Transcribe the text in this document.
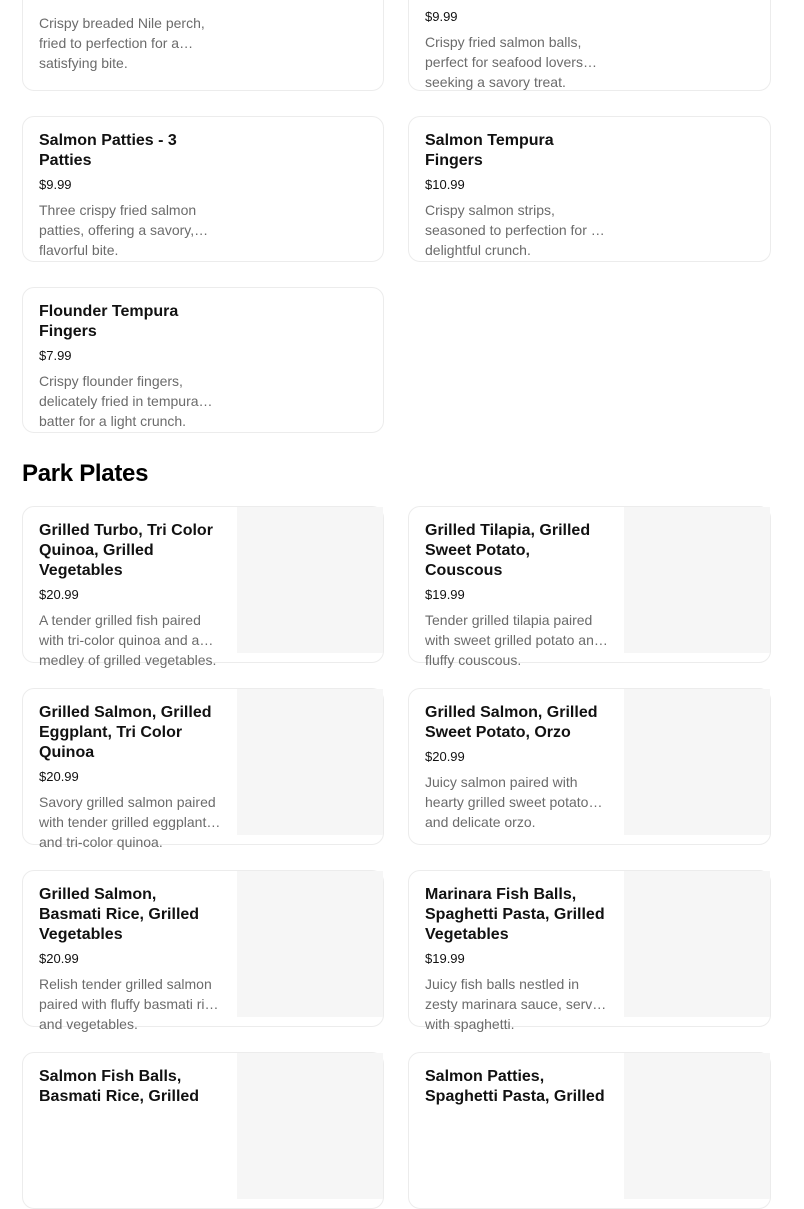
Crispy breaded Nile perch, fried to perfection for a satisfying bite.
$9.99
Crispy fried salmon balls, perfect for seafood lovers seeking a savory treat.
Salmon Patties - 3 Patties
$9.99
Three crispy fried salmon patties, offering a savory, flavorful bite.
Salmon Tempura Fingers
$10.99
Crispy salmon strips, seasoned to perfection for a delightful crunch.
Flounder Tempura Fingers
$7.99
Crispy flounder fingers, delicately fried in tempura batter for a light crunch.
Park Plates
Grilled Turbo, Tri Color Quinoa, Grilled Vegetables
$20.99
A tender grilled fish paired with tri-color quinoa and a medley of grilled vegetables.
Grilled Tilapia, Grilled Sweet Potato, Couscous
$19.99
Tender grilled tilapia paired with sweet grilled potato and fluffy couscous.
Grilled Salmon, Grilled Eggplant, Tri Color Quinoa
$20.99
Savory grilled salmon paired with tender grilled eggplant and tri-color quinoa.
Grilled Salmon, Grilled Sweet Potato, Orzo
$20.99
Juicy salmon paired with hearty grilled sweet potato and delicate orzo.
Grilled Salmon, Basmati Rice, Grilled Vegetables
$20.99
Relish tender grilled salmon paired with fluffy basmati rice and vegetables.
Marinara Fish Balls, Spaghetti Pasta, Grilled Vegetables
$19.99
Juicy fish balls nestled in zesty marinara sauce, served with spaghetti.
Salmon Fish Balls, Basmati Rice, Grilled
Salmon Patties, Spaghetti Pasta, Grilled
